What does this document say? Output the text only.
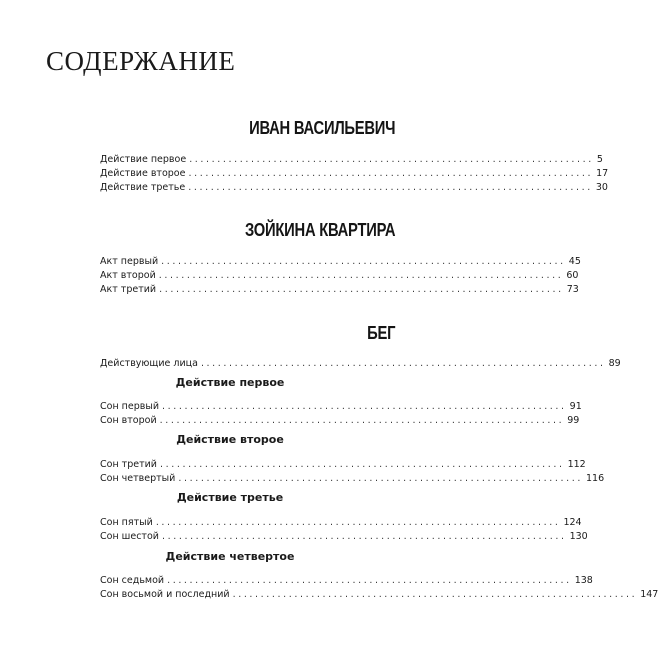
СОДЕРЖАНИЕ
ИВАН ВАСИЛЬЕВИЧ
Действие первое ........................................................................ 5
Действие второе ........................................................................ 17
Действие третье ........................................................................ 30
ЗОЙКИНА КВАРТИРА
Акт первый ........................................................................ 45
Акт второй ........................................................................ 60
Акт третий ........................................................................ 73
БЕГ
Действующие лица ........................................................................ 89
Действие первое
Сон первый ........................................................................ 91
Сон второй ........................................................................ 99
Действие второе
Сон третий ........................................................................ 112
Сон четвертый ........................................................................ 116
Действие третье
Сон пятый ........................................................................ 124
Сон шестой ........................................................................ 130
Действие четвертое
Сон седьмой ........................................................................ 138
Сон восьмой и последний ........................................................................ 147
